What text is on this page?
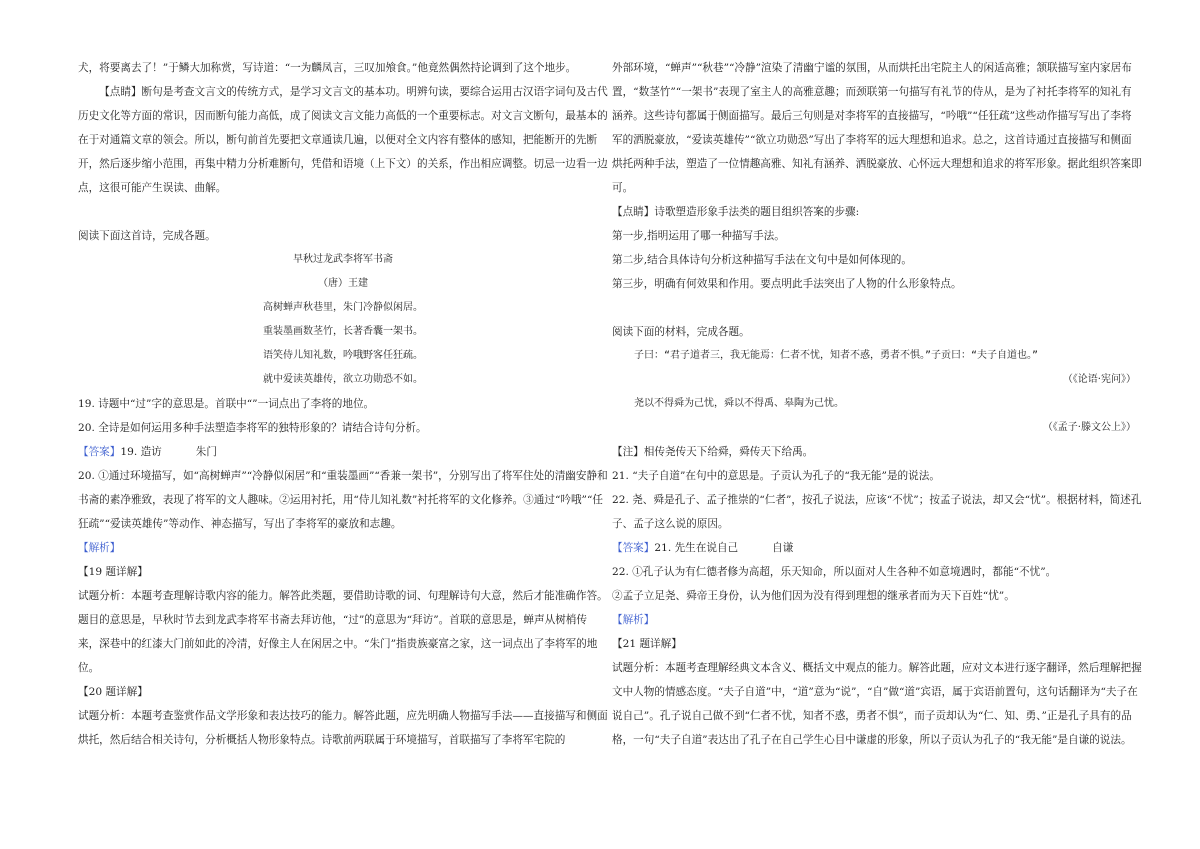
犬，将要离去了！”于鳞大加称赏，写诗道：“一为麟凤言，三叹加飧食。”他竟然偶然持论调到了这个地步。

【点睛】断句是考查文言文的传统方式，是学习文言文的基本功。明辨句读，要综合运用古汉语字词句及古代历史文化等方面的常识，因而断句能力高低，成了阅读文言文能力高低的一个重要标志。对文言文断句，最基本的在于对通篇文章的领会。所以，断句前首先要把文章通读几遍，以便对全文内容有整体的感知，把能断开的先断开，然后逐步缩小范围，再集中精力分析难断句，凭借和语境（上下文）的关系，作出相应调整。切忌一边看一边点，这很可能产生误读、曲解。

阅读下面这首诗，完成各题。

早秋过龙武李将军书斋

（唐）王建

高树蝉声秋巷里，朱门冷静似闲居。

重装墨画数茎竹，长著香囊一架书。

语笑侍儿知礼数，吟哦野客任狂疏。

就中爱读英雄传，欲立功勋恐不如。

19. 诗题中“过”字的意思是。首联中“”一词点出了李将的地位。

20. 全诗是如何运用多种手法塑造李将军的独特形象的？请结合诗句分析。

【答案】19. 造访	朱门

20. ①通过环境描写，如“高树蝉声”“冷静似闲居”和“重装墨画”“香兼一架书”，分别写出了将军住处的清幽安静和书斋的素净雅致，表现了将军的文人趣味。②运用衬托，用“侍儿知礼数”衬托将军的文化修养。③通过“吟哦”“任狂疏”“爱读英雄传”等动作、神态描写，写出了李将军的豪放和志趣。

【解析】

【19 题详解】

试题分析：本题考查理解诗歌内容的能力。解答此类题，要借助诗歌的词、句理解诗句大意，然后才能准确作答。题目的意思是，早秋时节去到龙武李将军书斋去拜访他，“过”的意思为“拜访”。首联的意思是，蝉声从树梢传来，深巷中的红漆大门前如此的冷清，好像主人在闲居之中。“朱门”指贵族豪富之家，这一词点出了李将军的地位。

【20 题详解】

试题分析：本题考查鉴赏作品文学形象和表达技巧的能力。解答此题，应先明确人物描写手法——直接描写和侧面烘托，然后结合相关诗句，分析概括人物形象特点。诗歌前两联属于环境描写，首联描写了李将军宅院的

外部环境，“蝉声”“秋巷”“冷静”渲染了清幽宁谧的氛围，从而烘托出宅院主人的闲适高雅；颔联描写室内家居布置，“数茎竹”“一架书”表现了室主人的高雅意趣；而颈联第一句描写有礼节的侍从，是为了衬托李将军的知礼有涵养。这些诗句都属于侧面描写。最后三句则是对李将军的直接描写，“吟哦”“任狂疏”这些动作描写写出了李将军的洒脱豪放，“爱读英雄传”“欲立功勋恐”写出了李将军的远大理想和追求。总之，这首诗通过直接描写和侧面烘托两种手法，塑造了一位情趣高雅、知礼有涵养、洒脱豪放、心怀远大理想和追求的将军形象。据此组织答案即可。

【点睛】诗歌塑造形象手法类的题目组织答案的步骤:

第一步,指明运用了哪一种描写手法。

第二步,结合具体诗句分析这种描写手法在文句中是如何体现的。

第三步，明确有何效果和作用。要点明此手法突出了人物的什么形象特点。

阅读下面的材料，完成各题。

子曰：“君子道者三，我无能焉：仁者不忧，知者不惑，勇者不惧。”子贡曰：“夫子自道也。”

（《论语·宪问》）

尧以不得舜为己忧，舜以不得禹、皋陶为己忧。

（《孟子·滕文公上》）

【注】相传尧传天下给舜，舜传天下给禹。

21. “夫子自道”在句中的意思是。子贡认为孔子的“我无能”是的说法。

22. 尧、舜是孔子、孟子推崇的“仁者”，按孔子说法，应该“不忧”；按孟子说法，却又会“忧”。根据材料，简述孔子、孟子这么说的原因。

【答案】21. 先生在说自己	自谦

22. ①孔子认为有仁德者修为高超，乐天知命，所以面对人生各种不如意境遇时，都能“不忧”。

②孟子立足尧、舜帝王身份，认为他们因为没有得到理想的继承者而为天下百姓“忧”。

【解析】

【21 题详解】

试题分析：本题考查理解经典文本含义、概括文中观点的能力。解答此题，应对文本进行逐字翻译，然后理解把握文中人物的情感态度。“夫子自道”中，“道”意为“说”，“自”做“道”宾语，属于宾语前置句，这句话翻译为“夫子在说自己”。孔子说自己做不到“仁者不忧，知者不惑，勇者不惧”，而子贡却认为“仁、知、勇、”正是孔子具有的品格，一句“夫子自道”表达出了孔子在自己学生心目中谦虚的形象，所以子贡认为孔子的“我无能”是自谦的说法。
